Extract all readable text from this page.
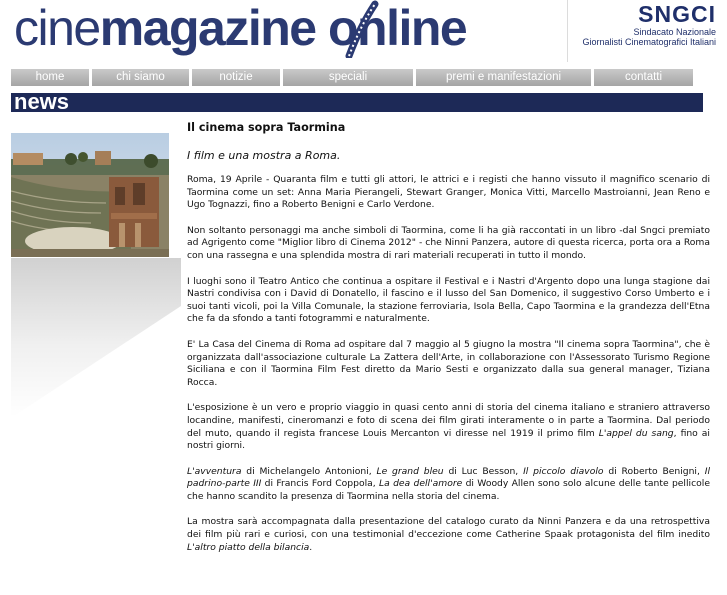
cinemagazine online	SNGCI
Sindacato Nazionale
Giornalisti Cinematografici Italiani
home	chi siamo	notizie	speciali	premi e manifestazioni	contatti
news
Il cinema sopra Taormina
I film e una mostra a Roma.

Roma, 19 Aprile - Quaranta film e tutti gli attori, le attrici e i registi che hanno vissuto il magnifico scenario di Taormina come un set: Anna Maria Pierangeli, Stewart Granger, Monica Vitti, Marcello Mastroianni, Jean Reno e Ugo Tognazzi, fino a Roberto Benigni e Carlo Verdone.

Non soltanto personaggi ma anche simboli di Taormina, come li ha già raccontati in un libro -dal Sngci premiato ad Agrigento come "Miglior libro di Cinema 2012" - che Ninni Panzera, autore di questa ricerca, porta ora a Roma con una rassegna e una splendida mostra di rari materiali recuperati in tutto il mondo.

I luoghi sono il Teatro Antico che continua a ospitare il Festival e i Nastri d'Argento dopo una lunga stagione dai Nastri condivisa con i David di Donatello, il fascino e il lusso del San Domenico, il suggestivo Corso Umberto e i suoi tanti vicoli, poi la Villa Comunale, la stazione ferroviaria, Isola Bella, Capo Taormina e la grandezza dell'Etna che fa da sfondo a tanti fotogrammi e naturalmente.

E' La Casa del Cinema di Roma ad ospitare dal 7 maggio al 5 giugno la mostra "Il cinema sopra Taormina", che è organizzata dall'associazione culturale La Zattera dell'Arte, in collaborazione con l'Assessorato Turismo Regione Siciliana e con il Taormina Film Fest diretto da Mario Sesti e organizzato dalla sua general manager, Tiziana Rocca.

L'esposizione è un vero e proprio viaggio in quasi cento anni di storia del cinema italiano e straniero attraverso locandine, manifesti, cineromanzi e foto di scena dei film girati interamente o in parte a Taormina. Dal periodo del muto, quando il regista francese Louis Mercanton vi diresse nel 1919 il primo film L'appel du sang, fino ai nostri giorni.

L'avventura di Michelangelo Antonioni, Le grand bleu di Luc Besson, Il piccolo diavolo di Roberto Benigni, Il padrino-parte III di Francis Ford Coppola, La dea dell'amore di Woody Allen sono solo alcune delle tante pellicole che hanno scandito la presenza di Taormina nella storia del cinema.

La mostra sarà accompagnata dalla presentazione del catalogo curato da Ninni Panzera e da una retrospettiva dei film più rari e curiosi, con una testimonial d'eccezione come Catherine Spaak protagonista del film inedito L'altro piatto della bilancia.
